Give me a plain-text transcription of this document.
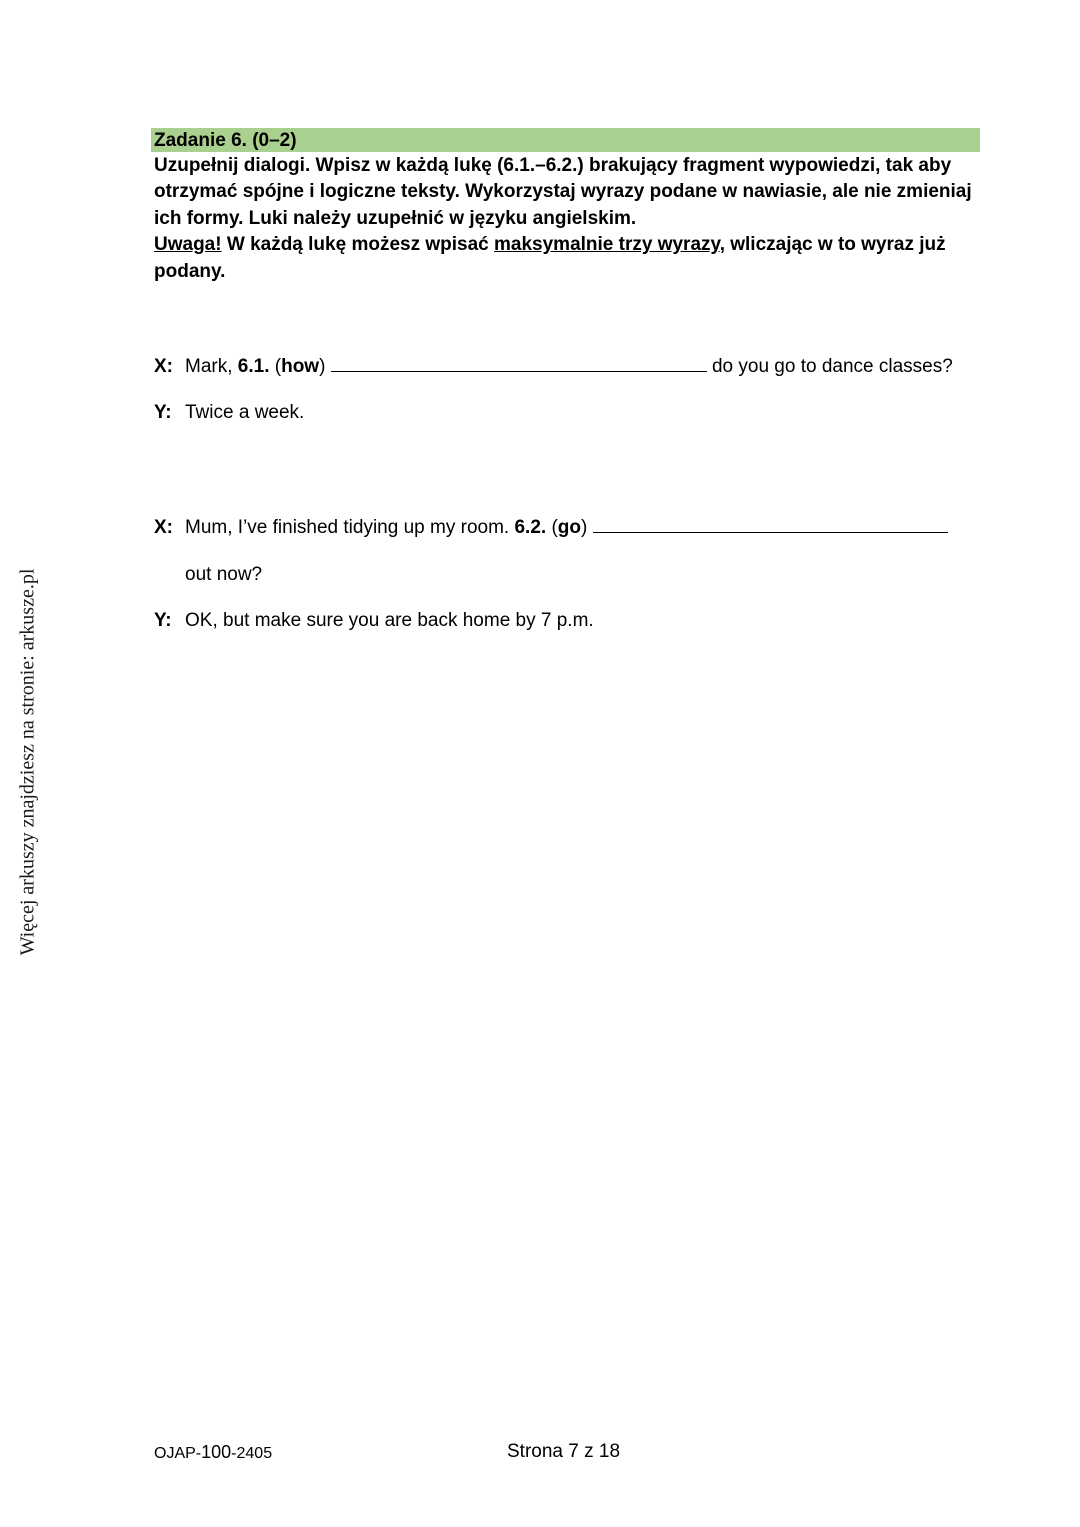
Więcej arkuszy znajdziesz na stronie: arkusze.pl
Zadanie 6. (0–2)

Uzupełnij dialogi. Wpisz w każdą lukę (6.1.–6.2.) brakujący fragment wypowiedzi, tak aby otrzymać spójne i logiczne teksty. Wykorzystaj wyrazy podane w nawiasie, ale nie zmieniaj ich formy. Luki należy uzupełnić w języku angielskim.
Uwaga! W każdą lukę możesz wpisać maksymalnie trzy wyrazy, wliczając w to wyraz już podany.

X: Mark, 6.1. (how)	do you go to dance classes?
Y: Twice a week.
X: Mum, I’ve finished tidying up my room. 6.2. (go)
out now?
Y: OK, but make sure you are back home by 7 p.m.
OJAP-100-2405	Strona 7 z 18
